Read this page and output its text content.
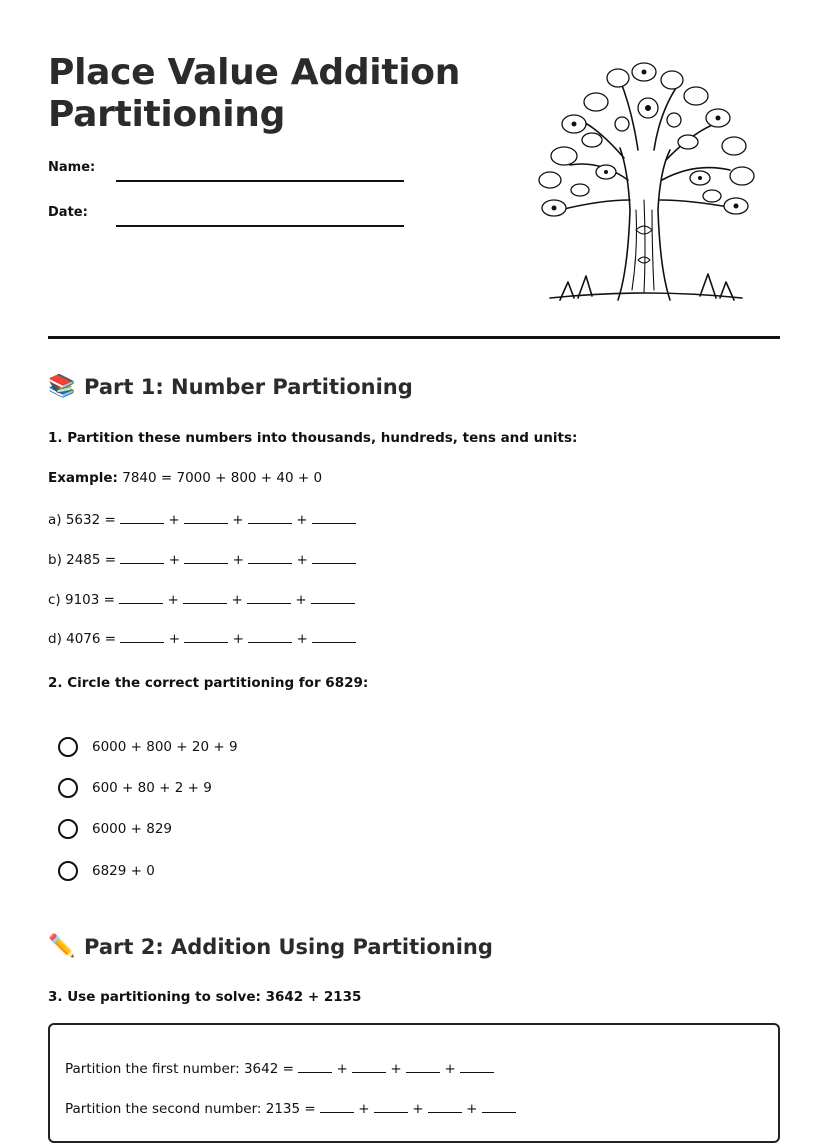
Place Value Addition
Partitioning
Name:
Date:
📚 Part 1: Number Partitioning
1. Partition these numbers into thousands, hundreds, tens and units:
Example: 7840 = 7000 + 800 + 40 + 0
a) 5632 =	+	+	+
b) 2485 =	+	+	+
c) 9103 =	+	+	+
d) 4076 =	+	+	+
2. Circle the correct partitioning for 6829:
6000 + 800 + 20 + 9
600 + 80 + 2 + 9
6000 + 829
6829 + 0
✏️ Part 2: Addition Using Partitioning
3. Use partitioning to solve: 3642 + 2135
Partition the first number: 3642 =	+	+	+
Partition the second number: 2135 =	+	+	+
